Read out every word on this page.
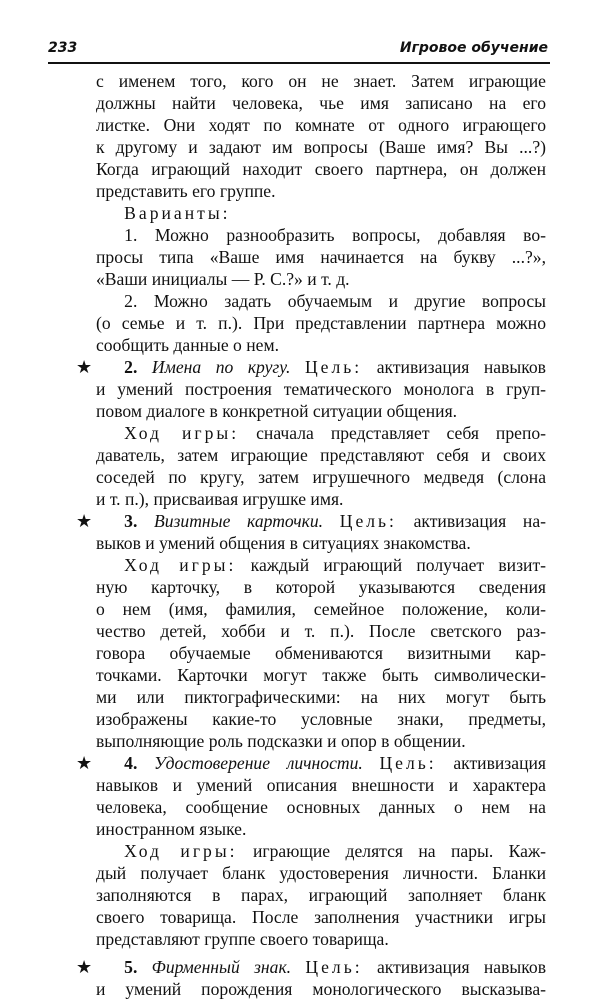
233	Игровое обучение
с именем того, кого он не знает. Затем играющие
должны найти человека, чье имя записано на его
листке. Они ходят по комнате от одного играющего
к другому и задают им вопросы (Ваше имя? Вы ...?)
Когда играющий находит своего партнера, он должен
представить его группе.
Варианты:
1. Можно разнообразить вопросы, добавляя во-
просы типа «Ваше имя начинается на букву ...?»,
«Ваши инициалы — Р. С.?» и т. д.
2. Можно задать обучаемым и другие вопросы
(о семье и т. п.). При представлении партнера можно
сообщить данные о нем.
★	2. Имена по кругу. Цель: активизация навыков
и умений построения тематического монолога в груп-
повом диалоге в конкретной ситуации общения.
Ход игры: сначала представляет себя препо-
даватель, затем играющие представляют себя и своих
соседей по кругу, затем игрушечного медведя (слона
и т. п.), присваивая игрушке имя.
★	3. Визитные карточки. Цель: активизация на-
выков и умений общения в ситуациях знакомства.
Ход игры: каждый играющий получает визит-
ную карточку, в которой указываются сведения
о нем (имя, фамилия, семейное положение, коли-
чество детей, хобби и т. п.). После светского раз-
говора обучаемые обмениваются визитными кар-
точками. Карточки могут также быть символически-
ми или пиктографическими: на них могут быть
изображены какие-то условные знаки, предметы,
выполняющие роль подсказки и опор в общении.
★	4. Удостоверение личности. Цель: активизация
навыков и умений описания внешности и характера
человека, сообщение основных данных о нем на
иностранном языке.
Ход игры: играющие делятся на пары. Каж-
дый получает бланк удостоверения личности. Бланки
заполняются в парах, играющий заполняет бланк
своего товарища. После заполнения участники игры
представляют группе своего товарища.
★	5. Фирменный знак. Цель: активизация навыков
и умений порождения монологического высказыва-
